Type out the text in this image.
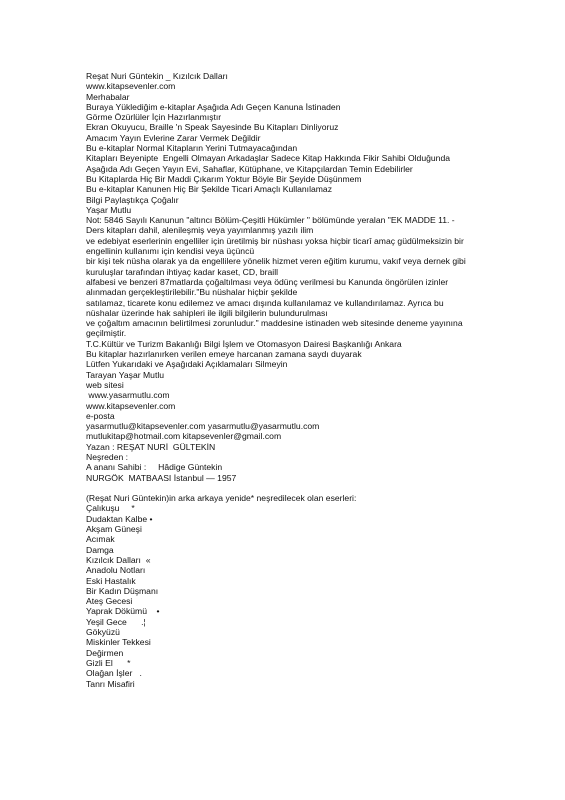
Reşat Nuri Güntekin _ Kızılcık Dalları
www.kitapsevenler.com
Merhabalar
Buraya Yüklediğim e-kitaplar Aşağıda Adı Geçen Kanuna İstinaden
Görme Özürlüler İçin Hazırlanmıştır
Ekran Okuyucu, Braille 'n Speak Sayesinde Bu Kitapları Dinliyoruz
Amacım Yayın Evlerine Zarar Vermek Değildir
Bu e-kitaplar Normal Kitapların Yerini Tutmayacağından
Kitapları Beyenipte  Engelli Olmayan Arkadaşlar Sadece Kitap Hakkında Fikir Sahibi Olduğunda
Aşağıda Adı Geçen Yayın Evi, Sahaflar, Kütüphane, ve Kitapçılardan Temin Edebilirler
Bu Kitaplarda Hiç Bir Maddi Çıkarım Yoktur Böyle Bir Şeyide Düşünmem
Bu e-kitaplar Kanunen Hiç Bir Şekilde Ticari Amaçlı Kullanılamaz
Bilgi Paylaştıkça Çoğalır
Yaşar Mutlu
Not: 5846 Sayılı Kanunun "altıncı Bölüm-Çeşitli Hükümler " bölümünde yeralan "EK MADDE 11. -
Ders kitapları dahil, alenileşmiş veya yayımlanmış yazılı ilim
ve edebiyat eserlerinin engelliler için üretilmiş bir nüshası yoksa hiçbir ticarî amaç güdülmeksizin bir
engellinin kullanımı için kendisi veya üçüncü
bir kişi tek nüsha olarak ya da engellilere yönelik hizmet veren eğitim kurumu, vakıf veya dernek gibi
kuruluşlar tarafından ihtiyaç kadar kaset, CD, braill
alfabesi ve benzeri 87matlarda çoğaltılması veya ödünç verilmesi bu Kanunda öngörülen izinler
alınmadan gerçekleştirilebilir."Bu nüshalar hiçbir şekilde
satılamaz, ticarete konu edilemez ve amacı dışında kullanılamaz ve kullandırılamaz. Ayrıca bu
nüshalar üzerinde hak sahipleri ile ilgili bilgilerin bulundurulması
ve çoğaltım amacının belirtilmesi zorunludur." maddesine istinaden web sitesinde deneme yayınına
geçilmiştir.
T.C.Kültür ve Turizm Bakanlığı Bilgi İşlem ve Otomasyon Dairesi Başkanlığı Ankara
Bu kitaplar hazırlanırken verilen emeye harcanan zamana saydı duyarak
Lütfen Yukarıdaki ve Aşağıdaki Açıklamaları Silmeyin
Tarayan Yaşar Mutlu
web sitesi
www.yasarmutlu.com
www.kitapsevenler.com
e-posta
yasarmutlu@kitapsevenler.com yasarmutlu@yasarmutlu.com
mutlukitap@hotmail.com kitapsevenler@gmail.com
Yazan : REŞAT NURİ  GÜLTEKİN
Neşreden :
A ananı Sahibi :     Hâdige Güntekin
NURGÖK  MATBAASI İstanbul — 1957
(Reşat Nuri Güntekin)in arka arkaya yenide* neşredilecek olan eserleri:
Çalıkuşu     *
Dudaktan Kalbe •
Akşam Güneşi
Acımak
Damga
Kızılcık Dalları  «
Anadolu Notları
Eski Hastalık
Bir Kadın Düşmanı
Ateş Gecesi
Yaprak Dökümü    •
Yeşil Gece      .¦
Gökyüzü
Miskinler Tekkesi
Değirmen
Gizli El      *
Olağan İşler   .
Tanrı Misafiri
